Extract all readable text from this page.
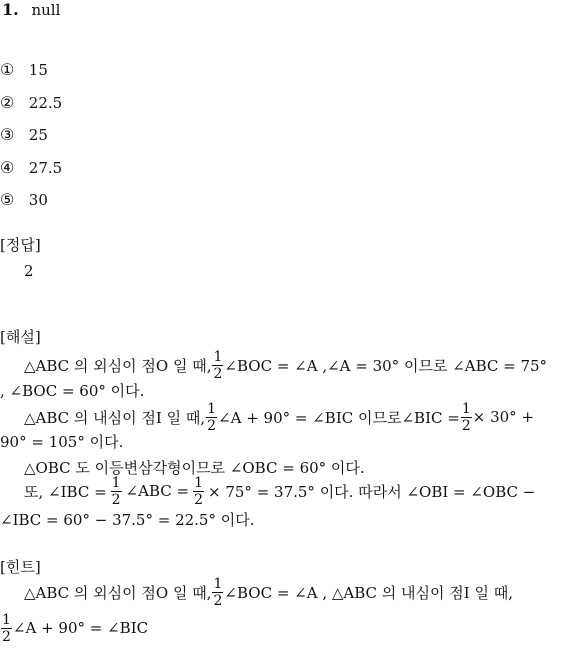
1. null
① 15
② 22.5
③ 25
④ 27.5
⑤ 30
[정답]
2
[해설]
△ABC 의 외심이 점O 일 때, $\frac{1}{2}$ ∠BOC = ∠A ,∠A = 30° 이므로 ∠ABC = 75°
, ∠BOC = 60° 이다.
△ABC 의 내심이 점I 일 때, $\frac{1}{2}$ ∠A + 90° = ∠BIC 이므로∠BIC = $\frac{1}{2} \times 30^\circ$ +
90° = 105° 이다.
△OBC 도 이등변삼각형이므로 ∠OBC = 60° 이다.
또, ∠IBC = $\frac{1}{2}$ ∠ABC = $\frac{1}{2} \times 75^\circ = 37.5^\circ$ 이다. 따라서 ∠OBI = ∠OBC −
∠IBC = 60° − 37.5° = 22.5° 이다.
[힌트]
△ABC 의 외심이 점O 일 때, $\frac{1}{2}$ ∠BOC = ∠A , △ABC 의 내심이 점I 일 때,
$\frac{1}{2}$ ∠A + 90° = ∠BIC
